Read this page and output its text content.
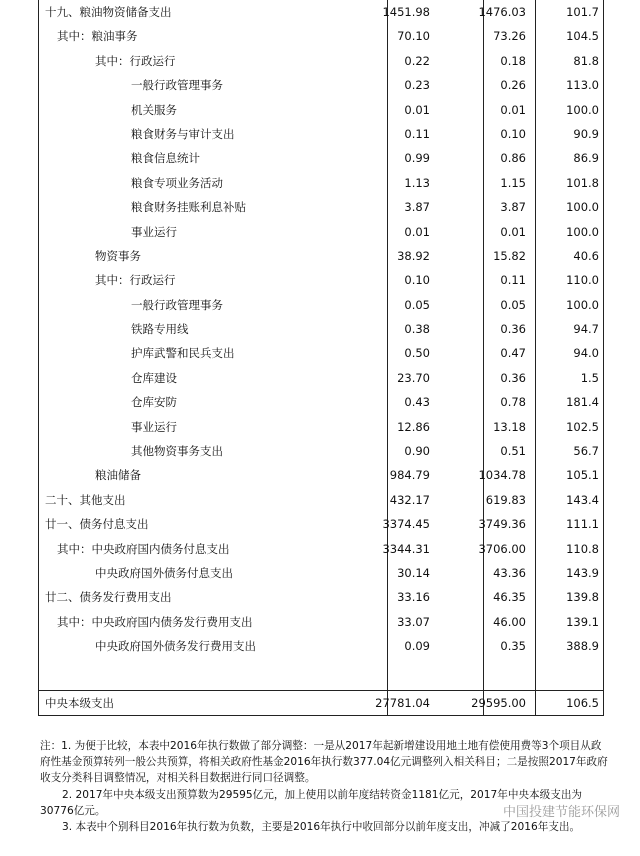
十九、粮油物资储备支出	1451.98	1476.03	101.7
其中：粮油事务	70.10	73.26	104.5
其中：行政运行	0.22	0.18	81.8
一般行政管理事务	0.23	0.26	113.0
机关服务	0.01	0.01	100.0
粮食财务与审计支出	0.11	0.10	90.9
粮食信息统计	0.99	0.86	86.9
粮食专项业务活动	1.13	1.15	101.8
粮食财务挂账利息补贴	3.87	3.87	100.0
事业运行	0.01	0.01	100.0
物资事务	38.92	15.82	40.6
其中：行政运行	0.10	0.11	110.0
一般行政管理事务	0.05	0.05	100.0
铁路专用线	0.38	0.36	94.7
护库武警和民兵支出	0.50	0.47	94.0
仓库建设	23.70	0.36	1.5
仓库安防	0.43	0.78	181.4
事业运行	12.86	13.18	102.5
其他物资事务支出	0.90	0.51	56.7
粮油储备	984.79	1034.78	105.1
二十、其他支出	432.17	619.83	143.4
廿一、债务付息支出	3374.45	3749.36	111.1
其中：中央政府国内债务付息支出	3344.31	3706.00	110.8
中央政府国外债务付息支出	30.14	43.36	143.9
廿二、债务发行费用支出	33.16	46.35	139.8
其中：中央政府国内债务发行费用支出	33.07	46.00	139.1
中央政府国外债务发行费用支出	0.09	0.35	388.9
中央本级支出	27781.04	29595.00	106.5

注：1. 为便于比较，本表中2016年执行数做了部分调整：一是从2017年起新增建设用地土地有偿使用费等3个项目从政府性基金预算转列一般公共预算，将相关政府性基金2016年执行数377.04亿元调整列入相关科目；二是按照2017年政府收支分类科目调整情况，对相关科目数据进行同口径调整。

2. 2017年中央本级支出预算数为29595亿元，加上使用以前年度结转资金1181亿元，2017年中央本级支出为30776亿元。

3. 本表中个别科目2016年执行数为负数，主要是2016年执行中收回部分以前年度支出，冲减了2016年支出。

中国投建节能环保网
